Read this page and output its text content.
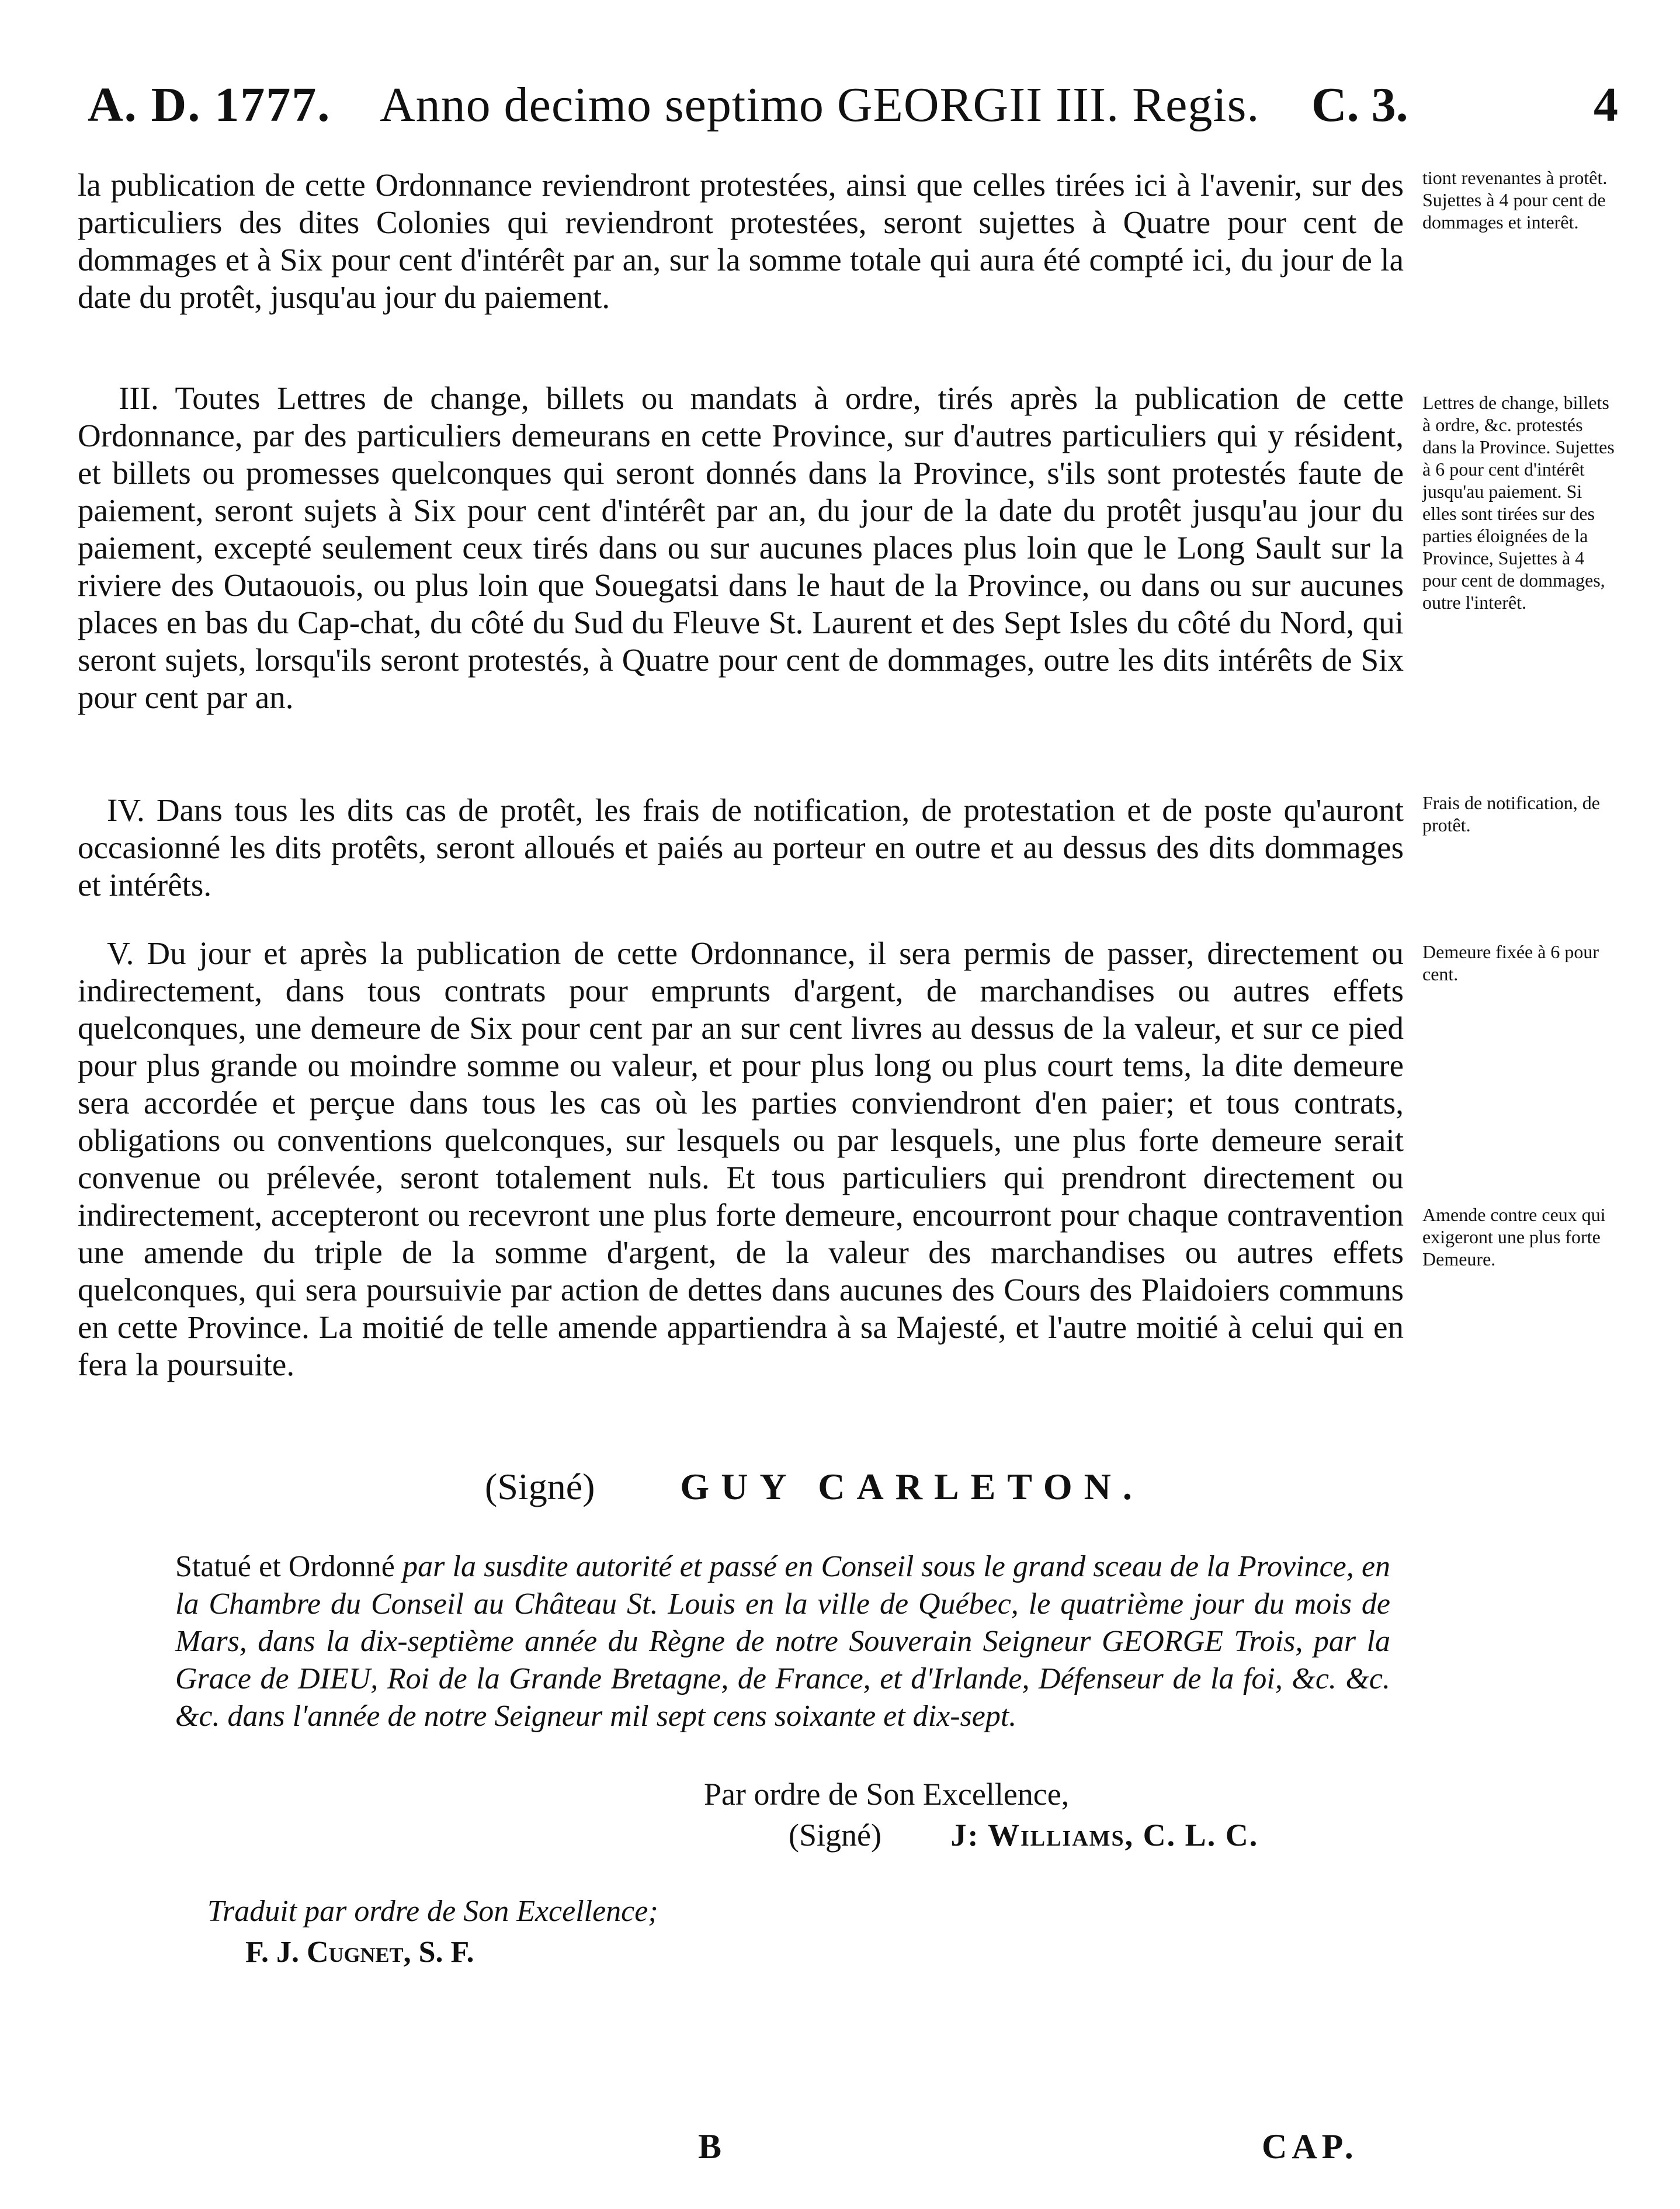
A. D. 1777. Anno decimo septimo GEORGII III. Regis. C. 3.	4
la publication de cette Ordonnance reviendront protestées, ainsi que celles tirées ici à l'avenir, sur des particuliers des dites Colonies qui reviendront protestées, seront sujettes à Quatre pour cent de dommages et à Six pour cent d'intérêt par an, sur la somme totale qui aura été compté ici, du jour de la date du protêt, jusqu'au jour du paiement.
III. Toutes Lettres de change, billets ou mandats à ordre, tirés après la publication de cette Ordonnance, par des particuliers demeurans en cette Province, sur d'autres particuliers qui y résident, et billets ou promesses quelconques qui seront donnés dans la Province, s'ils sont protestés faute de paiement, seront sujets à Six pour cent d'intérêt par an, du jour de la date du protêt jusqu'au jour du paiement, excepté seulement ceux tirés dans ou sur aucunes places plus loin que le Long Sault sur la riviere des Outaouois, ou plus loin que Souegatsi dans le haut de la Province, ou dans ou sur aucunes places en bas du Cap-chat, du côté du Sud du Fleuve St. Laurent et des Sept Isles du côté du Nord, qui seront sujets, lorsqu'ils seront protestés, à Quatre pour cent de dommages, outre les dits intérêts de Six pour cent par an.
IV. Dans tous les dits cas de protêt, les frais de notification, de protestation et de poste qu'auront occasionné les dits protêts, seront alloués et paiés au porteur en outre et au dessus des dits dommages et intérêts.
V. Du jour et après la publication de cette Ordonnance, il sera permis de passer, directement ou indirectement, dans tous contrats pour emprunts d'argent, de marchandises ou autres effets quelconques, une demeure de Six pour cent par an sur cent livres au dessus de la valeur, et sur ce pied pour plus grande ou moindre somme ou valeur, et pour plus long ou plus court tems, la dite demeure sera accordée et perçue dans tous les cas où les parties conviendront d'en paier; et tous contrats, obligations ou conventions quelconques, sur lesquels ou par lesquels, une plus forte demeure serait convenue ou prélevée, seront totalement nuls. Et tous particuliers qui prendront directement ou indirectement, accepteront ou recevront une plus forte demeure, encourront pour chaque contravention une amende du triple de la somme d'argent, de la valeur des marchandises ou autres effets quelconques, qui sera poursuivie par action de dettes dans aucunes des Cours des Plaidoiers communs en cette Province. La moitié de telle amende appartiendra à sa Majesté, et l'autre moitié à celui qui en fera la poursuite.
tiont revenantes à protêt. Sujettes à 4 pour cent de dommages et interêt.
Lettres de change, billets à ordre, &c. protestés dans la Province. Sujettes à 6 pour cent d'intérêt jusqu'au paiement. Si elles sont tirées sur des parties éloignées de la Province, Sujettes à 4 pour cent de dommages, outre l'interêt.
Frais de notification, de protêt.
Demeure fixée à 6 pour cent.
Amende contre ceux qui exigeront une plus forte Demeure.
(Signé) GUY CARLETON.
Statué et Ordonné par la susdite autorité et passé en Conseil sous le grand sceau de la Province, en la Chambre du Conseil au Château St. Louis en la ville de Québec, le quatrième jour du mois de Mars, dans la dix-septième année du Règne de notre Souverain Seigneur GEORGE Trois, par la Grace de DIEU, Roi de la Grande Bretagne, de France, et d'Irlande, Défenseur de la foi, &c. &c. &c. dans l'année de notre Seigneur mil sept cens soixante et dix-sept.
Par ordre de Son Excellence,
(Signé) J: Williams, C. L. C.
Traduit par ordre de Son Excellence;
F. J. Cugnet, S. F.
B	CAP.
